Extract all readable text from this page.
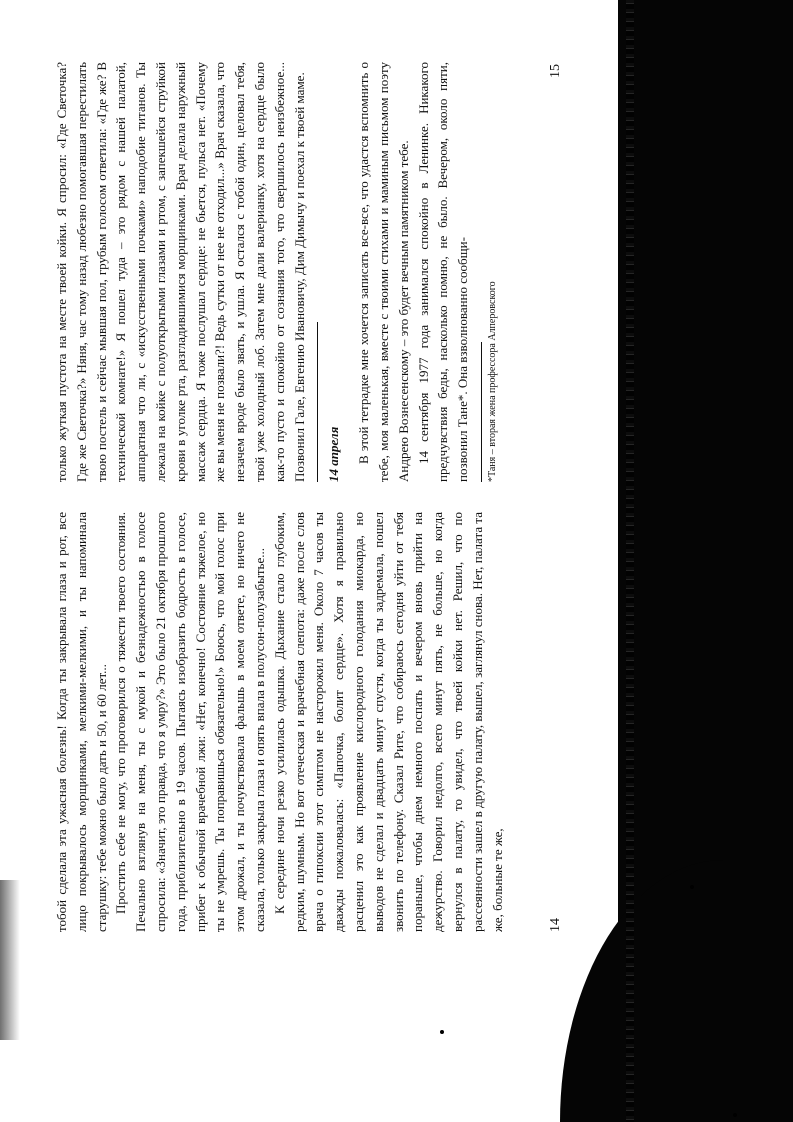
тобой сделала эта ужасная болезнь! Когда ты закрывала глаза и рот, все лицо покрывалось морщинками, мелкими-мелкими, и ты напоминала старушку: тебе можно было дать и 50, и 60 лет... Простить себе не могу, что проговорился о тяжести твоего состояния. Печально взглянув на меня, ты с мукой и безнадежностью в голосе спросила: «Значит, это правда, что я умру?» Это было 21 октября прошлого года, приблизительно в 19 часов. Пытаясь изобразить бодрость в голосе, прибег к обычной врачебной лжи: «Нет, конечно! Состояние тяжелое, но ты не умрешь. Ты поправишься обязательно!» Боюсь, что мой голос при этом дрожал, и ты почувствовала фальшь в моем ответе, но ничего не сказала, только закрыла глаза и опять впала в полусон-полузабытье... К середине ночи резко усилилась одышка. Дыхание стало глубоким, редким, шумным. Но вот отеческая и врачебная слепота: даже после слов врача о гипоксии этот симптом не насторожил меня. Около 7 часов ты дважды пожаловалась: «Папочка, болит сердце». Хотя я правильно расценил это как проявление кислородного голодания миокарда, но выводов не сделал и двадцать минут спустя, когда ты задремала, пошел звонить по телефону. Сказал Рите, что собираюсь сегодня уйти от тебя пораньше, чтобы днем немного поспать и вечером вновь прийти на дежурство. Говорил недолго, всего минут пять, не больше, но когда вернулся в палату, то увидел, что твоей койки нет. Решил, что по рассеянности зашел в другую палату, вышел, заглянул снова. Нет, палата та же, больные те же,	14

только жуткая пустота на месте твоей койки. Я спросил: «Где Светочка? Где же Светочка?» Няня, час тому назад любезно помогавшая перестилать твою постель и сейчас мывшая пол, грубым голосом ответила: «Где же? В технической комнате!» Я пошел туда – это рядом с нашей палатой, аппаратная что ли, с «искусственными почками» наподобие титанов. Ты лежала на койке с полуоткрытыми глазами и ртом, с запекшейся струйкой крови в уголке рта, разгладившимися морщинками. Врач делала наружный массаж сердца. Я тоже послушал сердце: не бьется, пульса нет. «Почему же вы меня не позвали?! Ведь сутки от нее не отходил...» Врач сказала, что незачем вроде было звать, и ушла. Я остался с тобой один, целовал тебя, твой уже холодный лоб. Затем мне дали валерианку, хотя на сердце было как-то пусто и спокойно от сознания того, что свершилось неизбежное... Позвонил Гале, Евгению Ивановичу, Дим Димычу и поехал к твоей маме. 14 апреля В этой тетрадке мне хочется записать все-все, что удастся вспомнить о тебе, моя маленькая, вместе с твоими стихами и маминым письмом поэту Андрею Вознесенскому – это будет вечным памятником тебе. 14 сентября 1977 года занимался спокойно в Ленинке. Никакого предчувствия беды, насколько помню, не было. Вечером, около пяти, позвонил Тане*. Она взволнованно сообщи- *Таня – вторая жена профессора Алперовского
15
